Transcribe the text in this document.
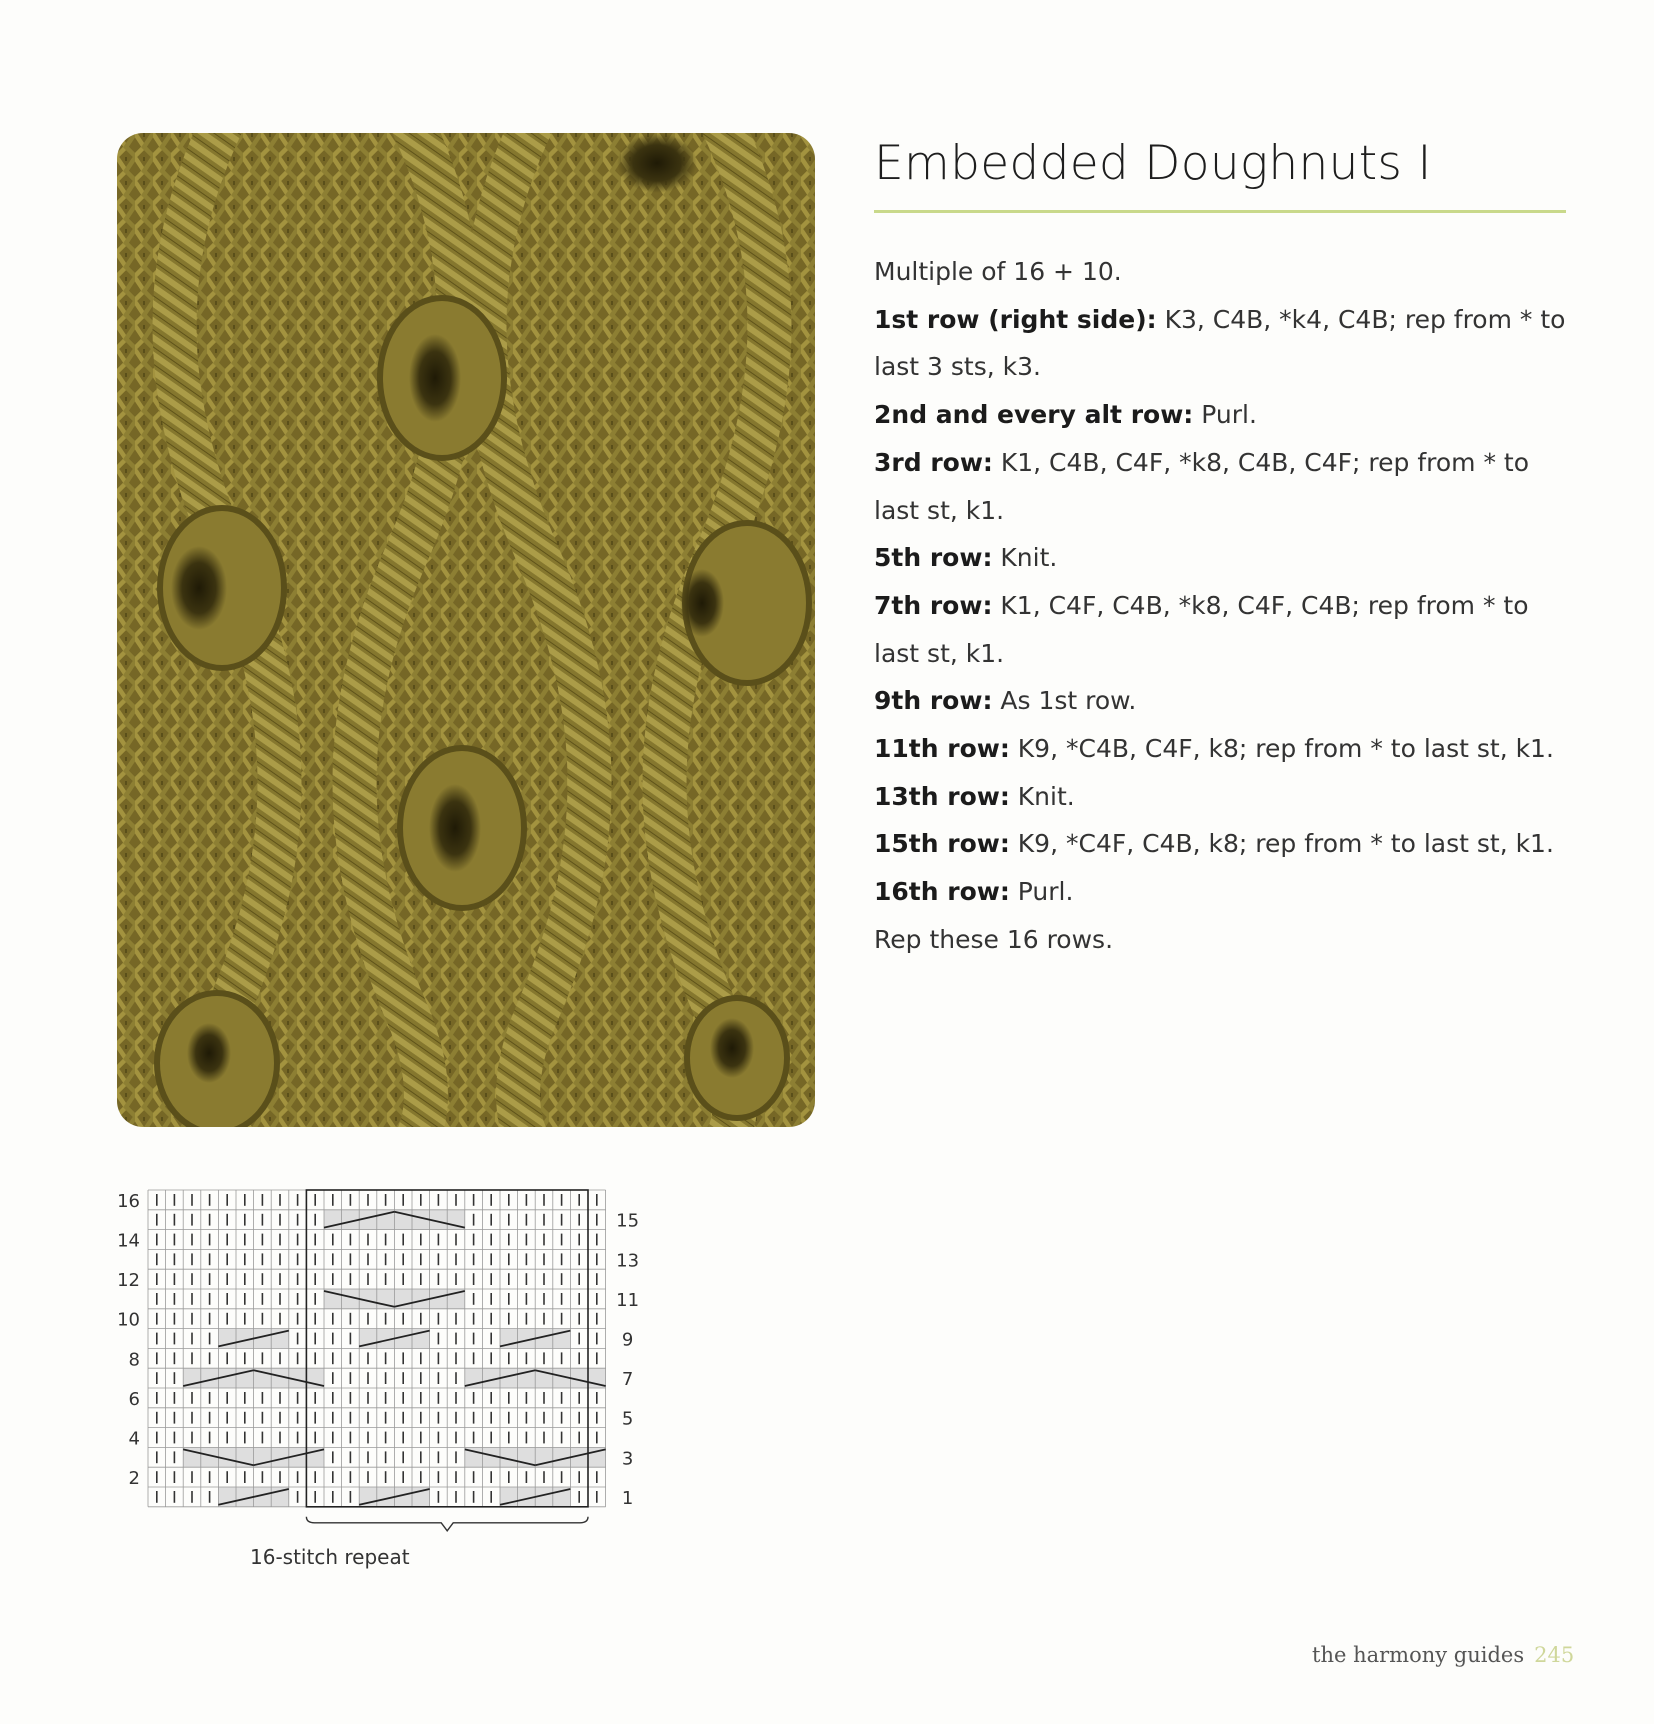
Embedded Doughnuts I

Multiple of 16 + 10.

1st row (right side): K3, C4B, *k4, C4B; rep from * to last 3 sts, k3.

2nd and every alt row: Purl.

3rd row: K1, C4B, C4F, *k8, C4B, C4F; rep from * to last st, k1.

5th row: Knit.

7th row: K1, C4F, C4B, *k8, C4F, C4B; rep from * to last st, k1.

9th row: As 1st row.

11th row: K9, *C4B, C4F, k8; rep from * to last st, k1.

13th row: Knit.

15th row: K9, *C4F, C4B, k8; rep from * to last st, k1.

16th row: Purl.

Rep these 16 rows.

16
14
12
10
8
6
4
2
15
13
11
9
7
5
3
1
16-stitch repeat
the harmony guides 245
